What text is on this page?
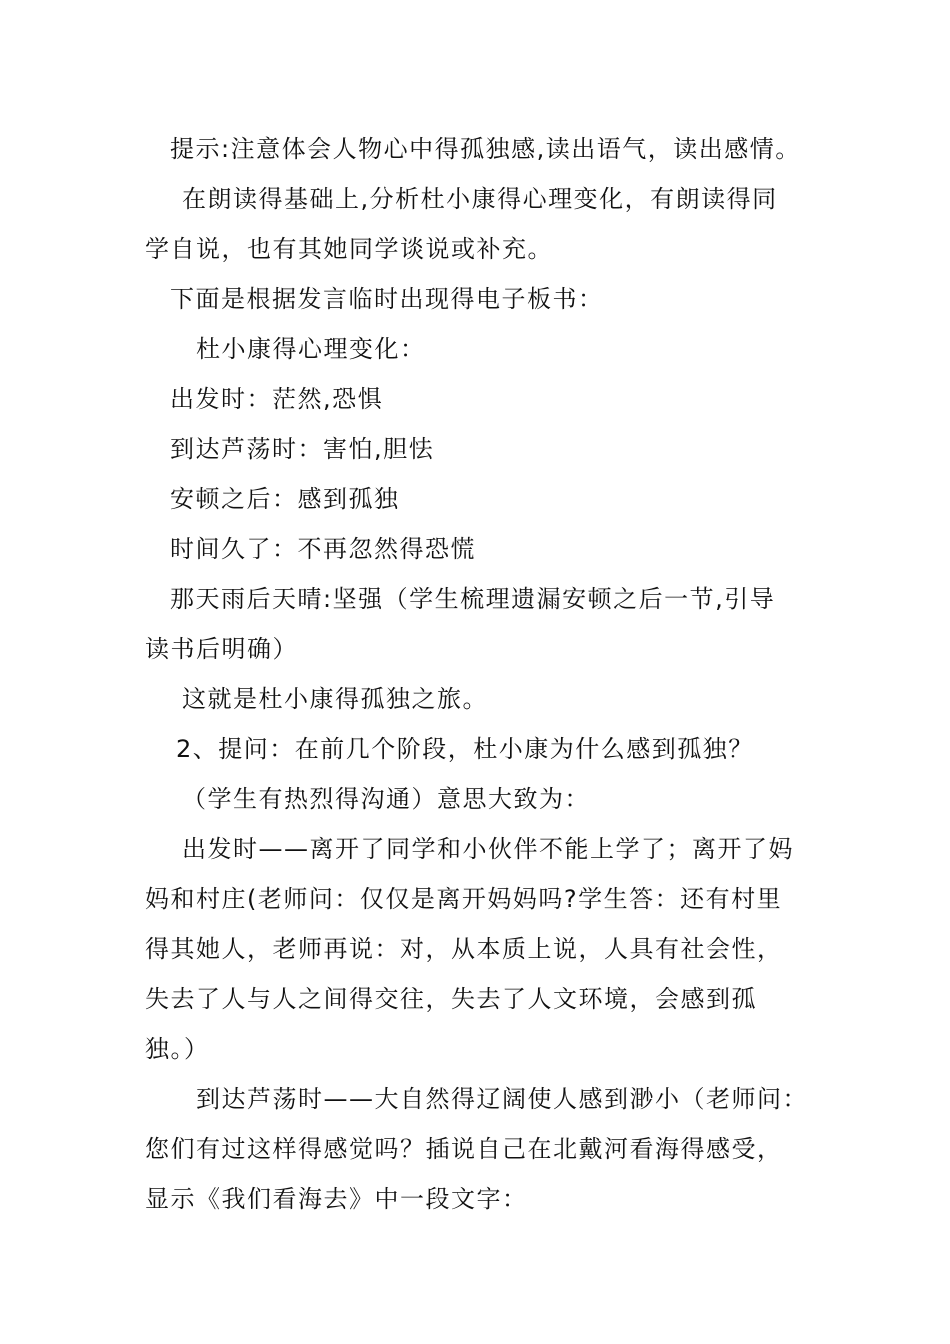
提示:注意体会人物心中得孤独感,读出语气，读出感情。
在朗读得基础上,分析杜小康得心理变化，有朗读得同
学自说，也有其她同学谈说或补充。
下面是根据发言临时出现得电子板书：
杜小康得心理变化：
出发时：茫然,恐惧
到达芦荡时：害怕,胆怯
安顿之后：感到孤独
时间久了：不再忽然得恐慌
那天雨后天晴:坚强（学生梳理遗漏安顿之后一节,引导
读书后明确）
这就是杜小康得孤独之旅。
2、提问：在前几个阶段，杜小康为什么感到孤独？
（学生有热烈得沟通）意思大致为：
出发时——离开了同学和小伙伴不能上学了；离开了妈
妈和村庄(老师问：仅仅是离开妈妈吗?学生答：还有村里
得其她人，老师再说：对，从本质上说，人具有社会性，
失去了人与人之间得交往，失去了人文环境，会感到孤
独。）
到达芦荡时——大自然得辽阔使人感到渺小（老师问：
您们有过这样得感觉吗？插说自己在北戴河看海得感受，
显示《我们看海去》中一段文字：
